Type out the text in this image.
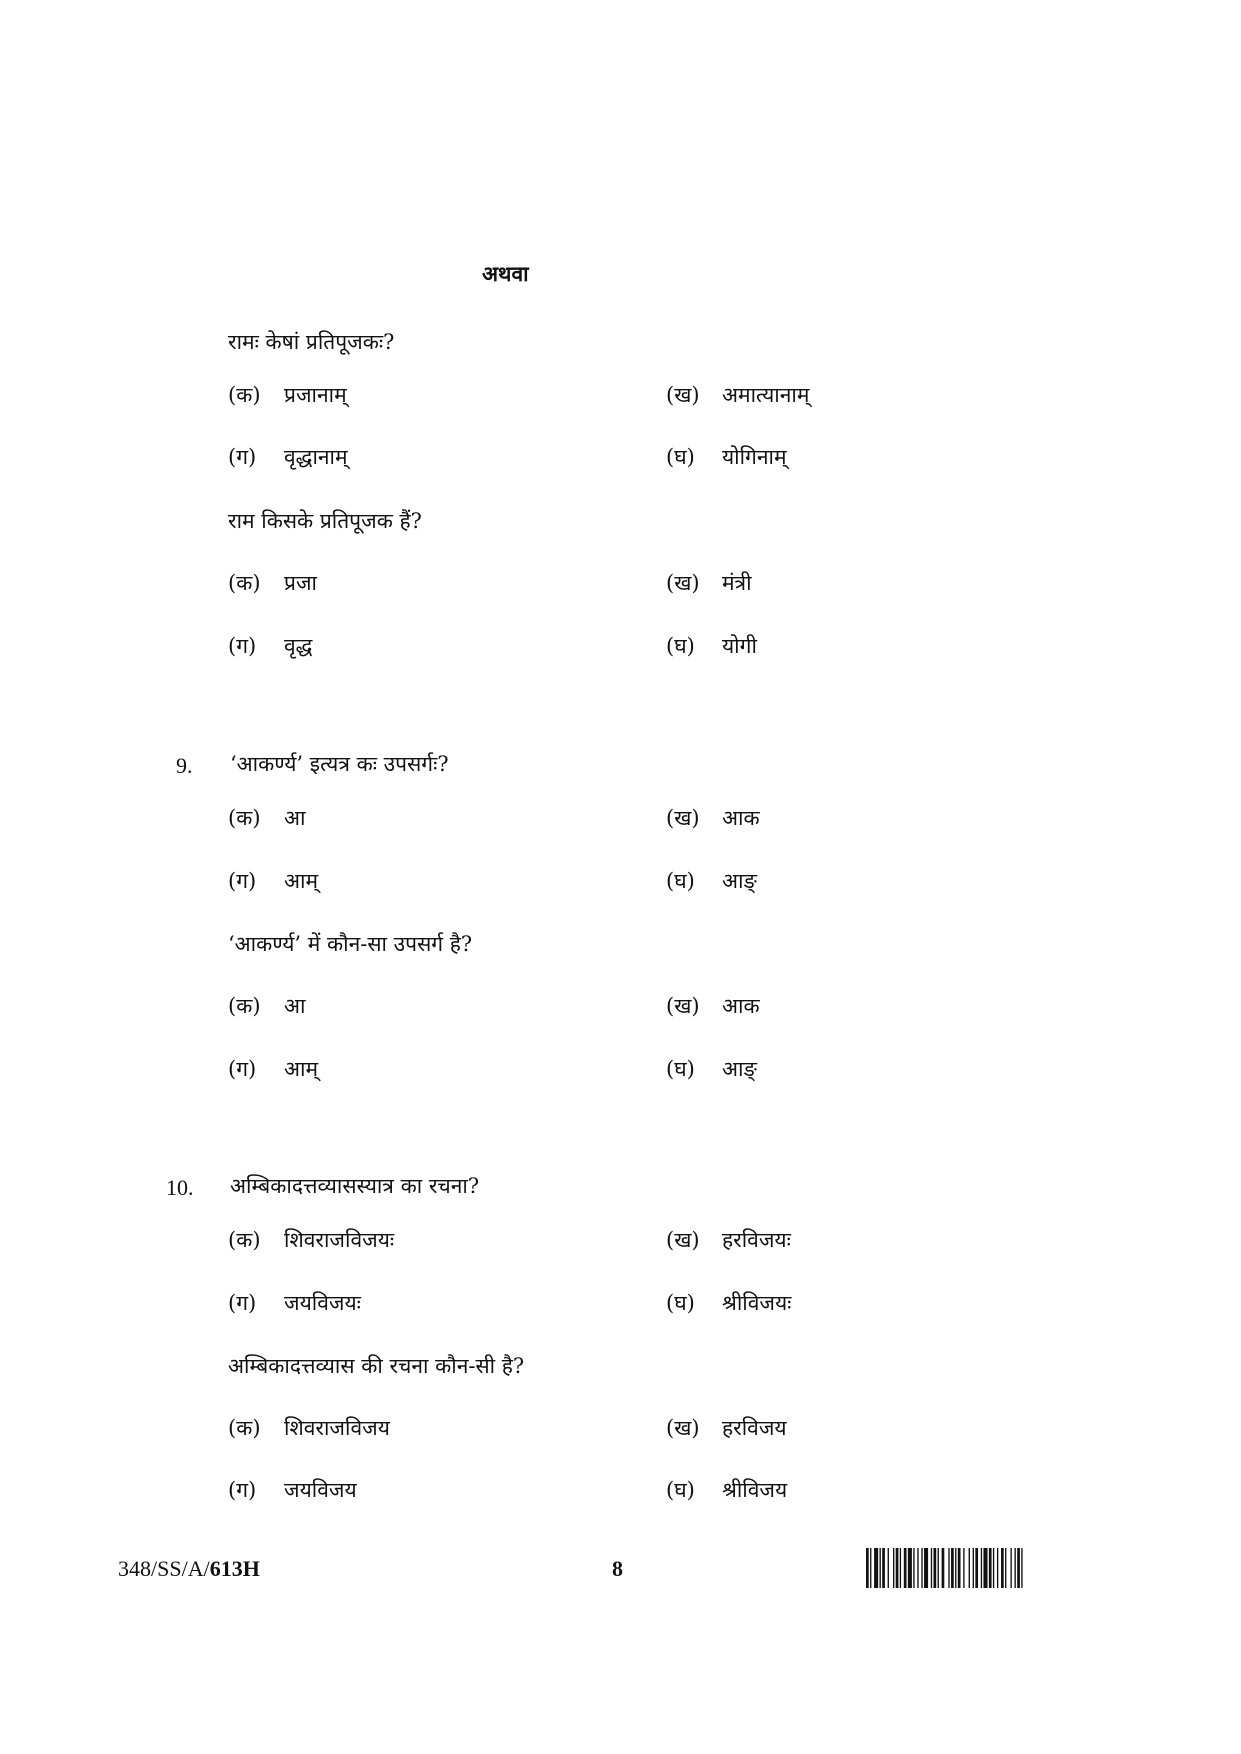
अथवा
रामः केषां प्रतिपूजकः?
(क) प्रजानाम्	(ख) अमात्यानाम्
(ग) वृद्धानाम्	(घ) योगिनाम्
राम किसके प्रतिपूजक हैं?
(क) प्रजा	(ख) मंत्री
(ग) वृद्ध	(घ) योगी
9. ‘आकर्ण्य’ इत्यत्र कः उपसर्गः?
(क) आ	(ख) आक
(ग) आम्	(घ) आङ्
‘आकर्ण्य’ में कौन-सा उपसर्ग है?
(क) आ	(ख) आक
(ग) आम्	(घ) आङ्
10. अम्बिकादत्तव्यासस्यात्र का रचना?
(क) शिवराजविजयः	(ख) हरविजयः
(ग) जयविजयः	(घ) श्रीविजयः
अम्बिकादत्तव्यास की रचना कौन-सी है?
(क) शिवराजविजय	(ख) हरविजय
(ग) जयविजय	(घ) श्रीविजय
348/SS/A/613H	8
